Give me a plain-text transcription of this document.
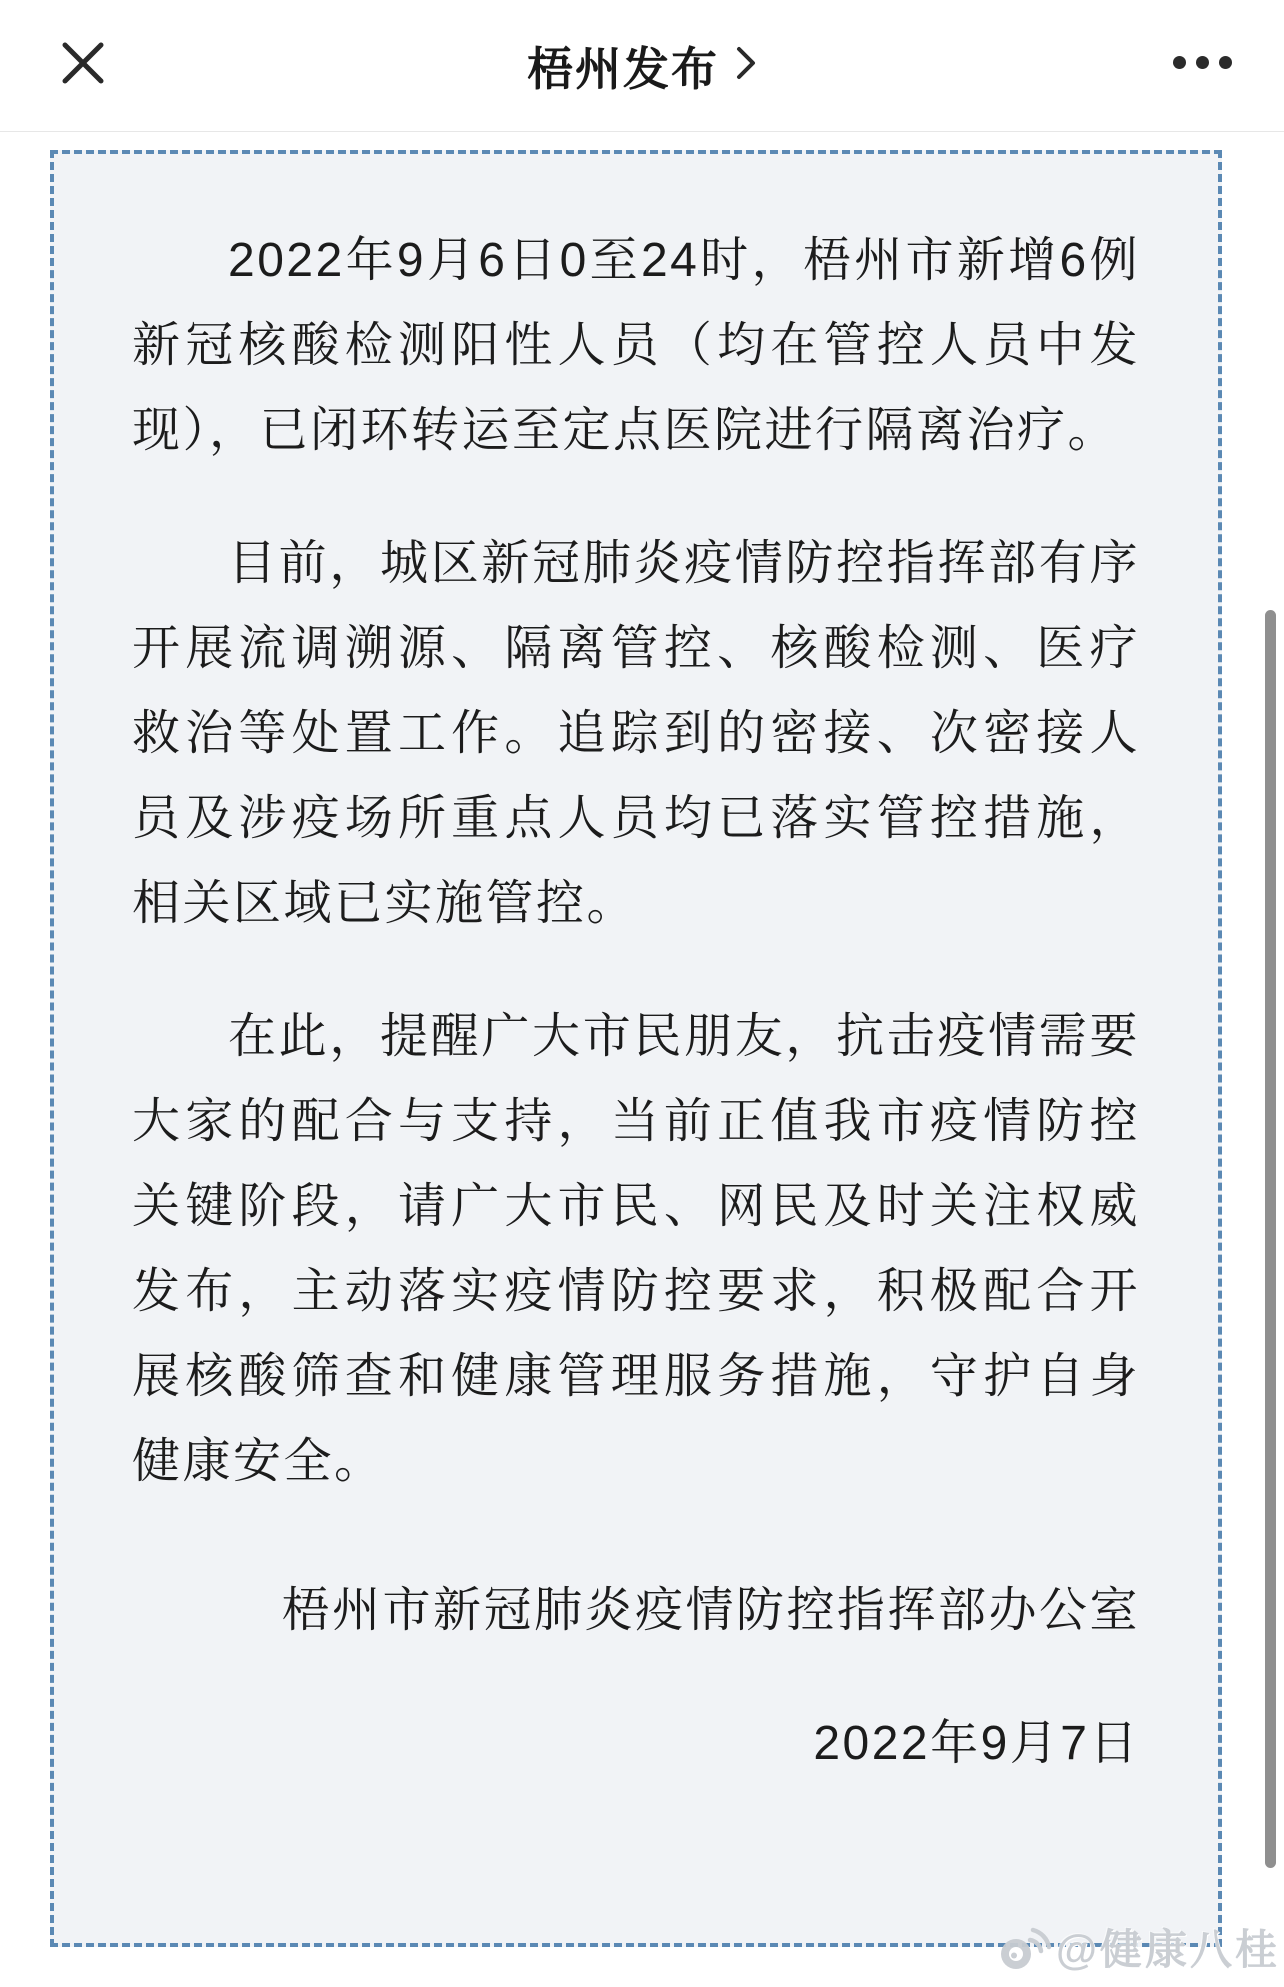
梧州发布

2022年9月6日0至24时，梧州市新增6例新冠核酸检测阳性人员（均在管控人员中发现），已闭环转运至定点医院进行隔离治疗。

目前，城区新冠肺炎疫情防控指挥部有序开展流调溯源、隔离管控、核酸检测、医疗救治等处置工作。追踪到的密接、次密接人员及涉疫场所重点人员均已落实管控措施，相关区域已实施管控。

在此，提醒广大市民朋友，抗击疫情需要大家的配合与支持，当前正值我市疫情防控关键阶段，请广大市民、网民及时关注权威发布，主动落实疫情防控要求，积极配合开展核酸筛查和健康管理服务措施，守护自身健康安全。

梧州市新冠肺炎疫情防控指挥部办公室

2022年9月7日

@健康八桂
